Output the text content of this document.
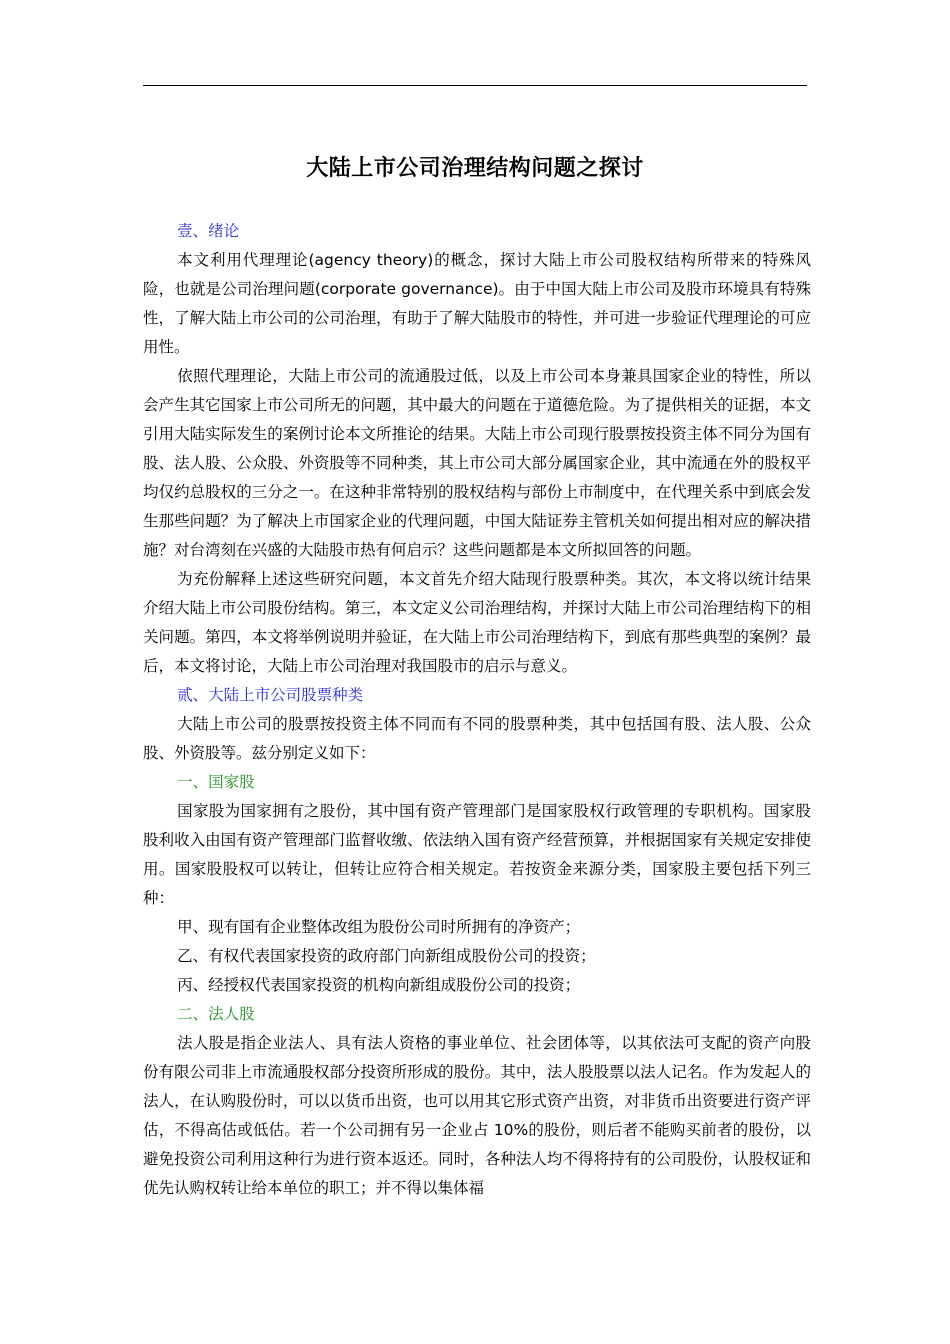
大陆上市公司治理结构问题之探讨

壹、绪论

本文利用代理理论(agency theory)的概念，探讨大陆上市公司股权结构所带来的特殊风险，也就是公司治理问题(corporate governance)。由于中国大陆上市公司及股市环境具有特殊性，了解大陆上市公司的公司治理，有助于了解大陆股市的特性，并可进一步验证代理理论的可应用性。

依照代理理论，大陆上市公司的流通股过低，以及上市公司本身兼具国家企业的特性，所以会产生其它国家上市公司所无的问题，其中最大的问题在于道德危险。为了提供相关的证据，本文引用大陆实际发生的案例讨论本文所推论的结果。大陆上市公司现行股票按投资主体不同分为国有股、法人股、公众股、外资股等不同种类，其上市公司大部分属国家企业，其中流通在外的股权平均仅约总股权的三分之一。在这种非常特别的股权结构与部份上市制度中，在代理关系中到底会发生那些问题？为了解决上市国家企业的代理问题，中国大陆证券主管机关如何提出相对应的解决措施？对台湾刻在兴盛的大陆股市热有何启示？这些问题都是本文所拟回答的问题。

为充份解释上述这些研究问题，本文首先介绍大陆现行股票种类。其次，本文将以统计结果介绍大陆上市公司股份结构。第三，本文定义公司治理结构，并探讨大陆上市公司治理结构下的相关问题。第四，本文将举例说明并验证，在大陆上市公司治理结构下，到底有那些典型的案例？最后，本文将讨论，大陆上市公司治理对我国股市的启示与意义。

贰、大陆上市公司股票种类

大陆上市公司的股票按投资主体不同而有不同的股票种类，其中包括国有股、法人股、公众股、外资股等。兹分别定义如下：

一、国家股

国家股为国家拥有之股份，其中国有资产管理部门是国家股权行政管理的专职机构。国家股股利收入由国有资产管理部门监督收缴、依法纳入国有资产经营预算，并根据国家有关规定安排使用。国家股股权可以转让，但转让应符合相关规定。若按资金来源分类，国家股主要包括下列三种：

甲、现有国有企业整体改组为股份公司时所拥有的净资产；

乙、有权代表国家投资的政府部门向新组成股份公司的投资；

丙、经授权代表国家投资的机构向新组成股份公司的投资；

二、法人股

法人股是指企业法人、具有法人资格的事业单位、社会团体等，以其依法可支配的资产向股份有限公司非上市流通股权部分投资所形成的股份。其中，法人股股票以法人记名。作为发起人的法人，在认购股份时，可以以货币出资，也可以用其它形式资产出资，对非货币出资要进行资产评估，不得高估或低估。若一个公司拥有另一企业占 10%的股份，则后者不能购买前者的股份，以避免投资公司利用这种行为进行资本返还。同时，各种法人均不得将持有的公司股份，认股权证和优先认购权转让给本单位的职工；并不得以集体福
